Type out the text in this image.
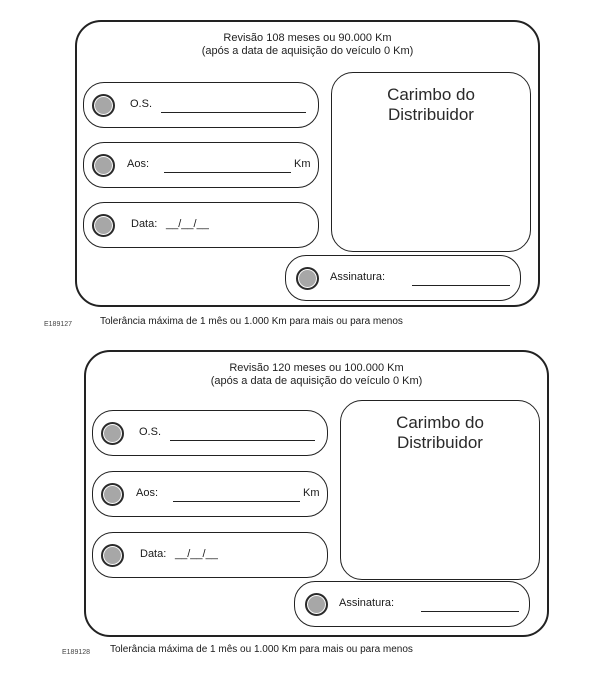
Revisão 108 meses ou 90.000 Km
(após a data de aquisição do veículo 0 Km)
O.S.
Aos:	Km
Data: __/__/__
Carimbo do
Distribuidor
Assinatura:
E189127	Tolerância máxima de 1 mês ou 1.000 Km para mais ou para menos
Revisão 120 meses ou 100.000 Km
(após a data de aquisição do veículo 0 Km)
O.S.
Aos:	Km
Data: __/__/__
Carimbo do
Distribuidor
Assinatura:
E189128 Tolerância máxima de 1 mês ou 1.000 Km para mais ou para menos
